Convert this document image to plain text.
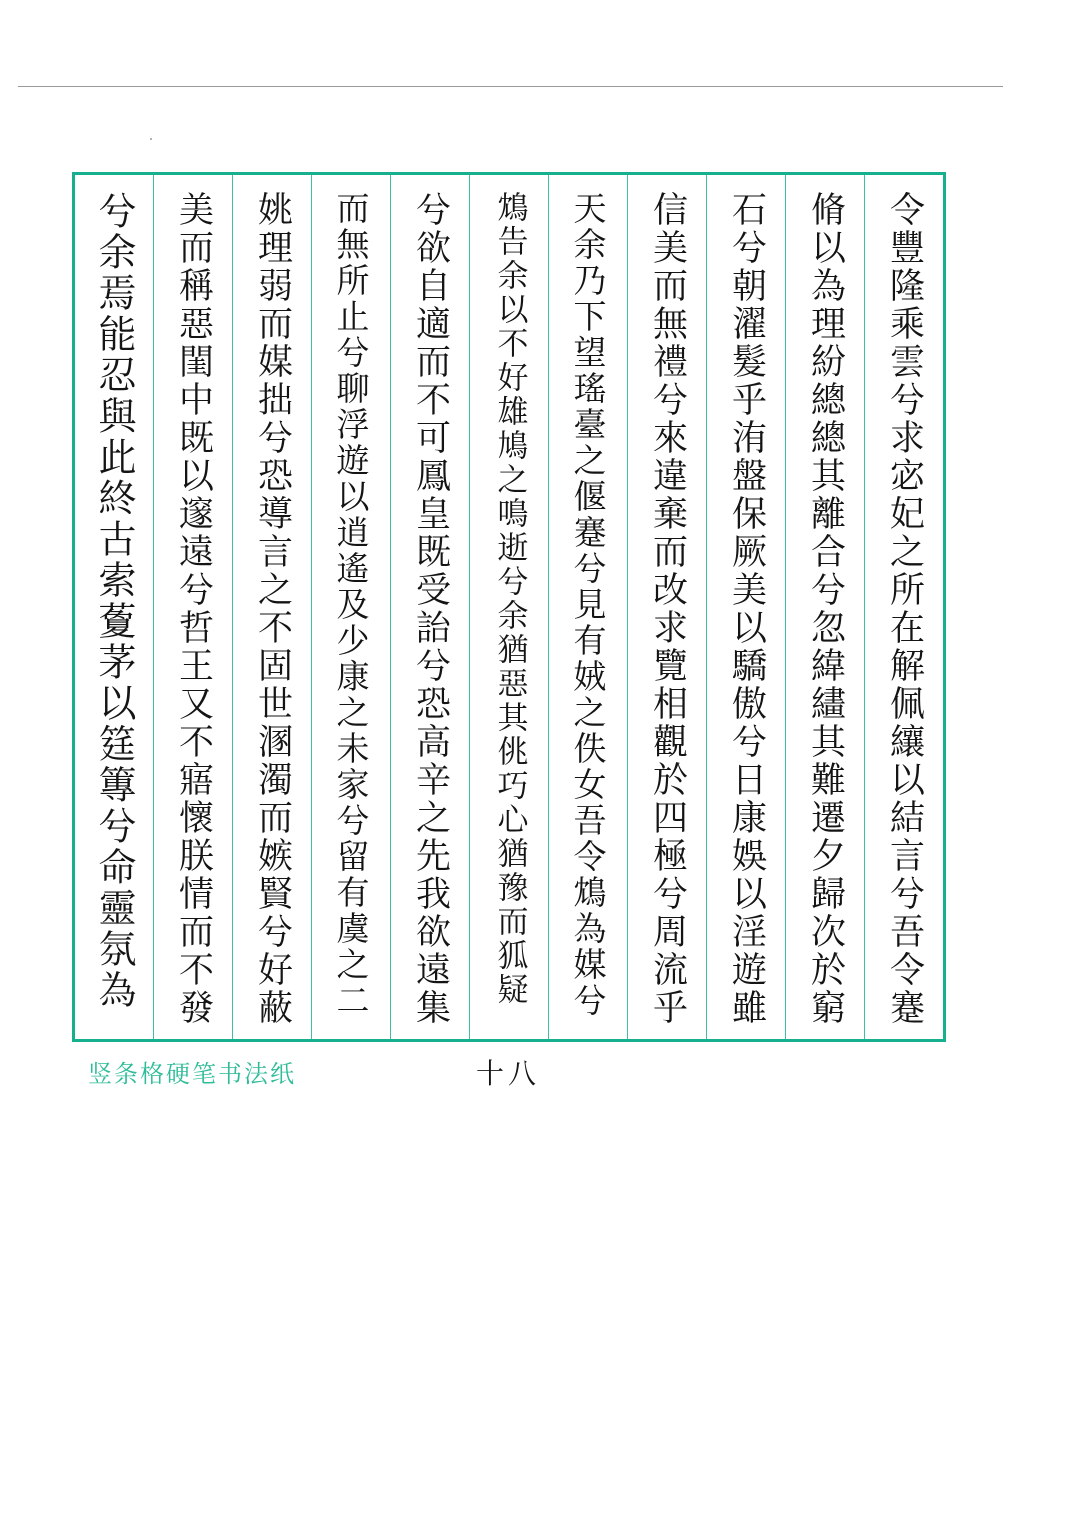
令豐隆乘雲兮求宓妃之所在解佩纕以結言兮吾令蹇
脩以為理紛總總其離合兮忽緯繣其難遷夕歸次於窮
石兮朝濯髮乎洧盤保厥美以驕傲兮日康娛以淫遊雖
信美而無禮兮來違棄而改求覽相觀於四極兮周流乎
天余乃下望瑤臺之偃蹇兮見有娀之佚女吾令鴆為媒兮
鴆告余以不好雄鳩之鳴逝兮余猶惡其佻巧心猶豫而狐疑
兮欲自適而不可鳳皇既受詒兮恐高辛之先我欲遠集
而無所止兮聊浮遊以逍遙及少康之未家兮留有虞之二
姚理弱而媒拙兮恐導言之不固世溷濁而嫉賢兮好蔽
美而稱惡閨中既以邃遠兮哲王又不寤懷朕情而不發
兮余焉能忍與此終古索藑茅以筳篿兮命靈氛為
竖条格硬笔书法纸	十八
